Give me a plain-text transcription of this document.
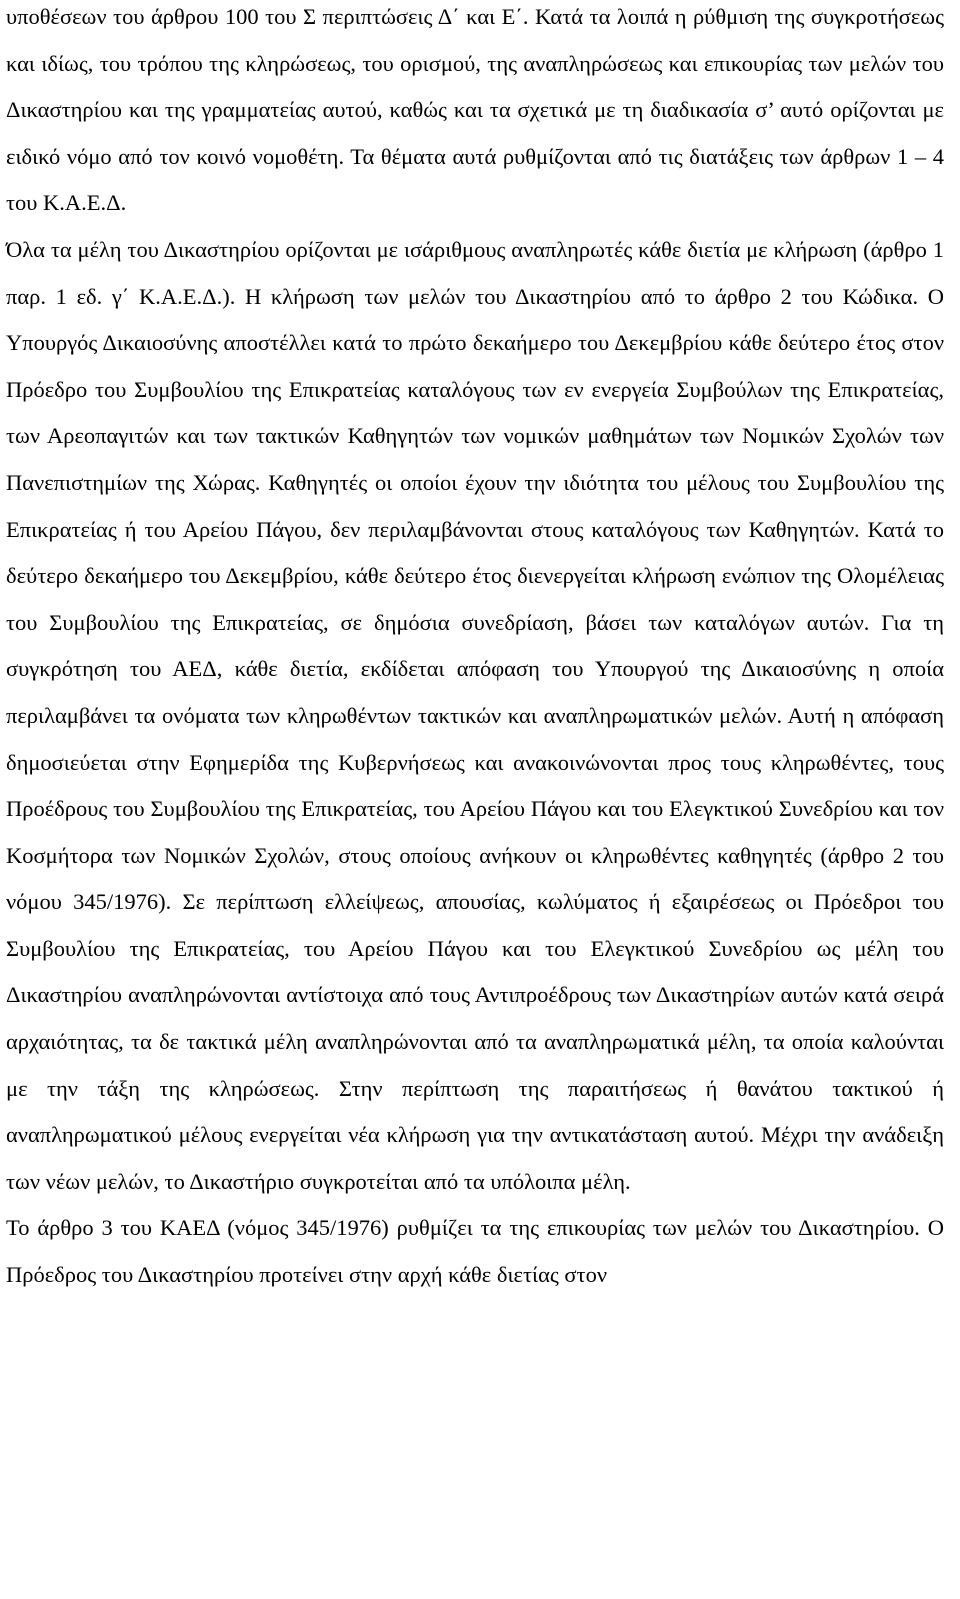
υποθέσεων του άρθρου 100 του Σ περιπτώσεις Δ΄ και Ε΄. Κατά τα λοιπά η ρύθμιση της συγκροτήσεως και ιδίως, του τρόπου της κληρώσεως, του ορισμού, της αναπληρώσεως και επικουρίας των μελών του Δικαστηρίου και της γραμματείας αυτού, καθώς και τα σχετικά με τη διαδικασία σ’ αυτό ορίζονται με ειδικό νόμο από τον κοινό νομοθέτη. Τα θέματα αυτά ρυθμίζονται από τις διατάξεις των άρθρων 1 – 4 του Κ.Α.Ε.Δ.

Όλα τα μέλη του Δικαστηρίου ορίζονται με ισάριθμους αναπληρωτές κάθε διετία με κλήρωση (άρθρο 1 παρ. 1 εδ. γ΄ Κ.Α.Ε.Δ.). Η κλήρωση των μελών του Δικαστηρίου από το άρθρο 2 του Κώδικα. Ο Υπουργός Δικαιοσύνης αποστέλλει κατά το πρώτο δεκαήμερο του Δεκεμβρίου κάθε δεύτερο έτος στον Πρόεδρο του Συμβουλίου της Επικρατείας καταλόγους των εν ενεργεία Συμβούλων της Επικρατείας, των Αρεοπαγιτών και των τακτικών Καθηγητών των νομικών μαθημάτων των Νομικών Σχολών των Πανεπιστημίων της Χώρας. Καθηγητές οι οποίοι έχουν την ιδιότητα του μέλους του Συμβουλίου της Επικρατείας ή του Αρείου Πάγου, δεν περιλαμβάνονται στους καταλόγους των Καθηγητών. Κατά το δεύτερο δεκαήμερο του Δεκεμβρίου, κάθε δεύτερο έτος διενεργείται κλήρωση ενώπιον της Ολομέλειας του Συμβουλίου της Επικρατείας, σε δημόσια συνεδρίαση, βάσει των καταλόγων αυτών. Για τη συγκρότηση του ΑΕΔ, κάθε διετία, εκδίδεται απόφαση του Υπουργού της Δικαιοσύνης η οποία περιλαμβάνει τα ονόματα των κληρωθέντων τακτικών και αναπληρωματικών μελών. Αυτή η απόφαση δημοσιεύεται στην Εφημερίδα της Κυβερνήσεως και ανακοινώνονται προς τους κληρωθέντες, τους Προέδρους του Συμβουλίου της Επικρατείας, του Αρείου Πάγου και του Ελεγκτικού Συνεδρίου και τον Κοσμήτορα των Νομικών Σχολών, στους οποίους ανήκουν οι κληρωθέντες καθηγητές (άρθρο 2 του νόμου 345/1976). Σε περίπτωση ελλείψεως, απουσίας, κωλύματος ή εξαιρέσεως οι Πρόεδροι του Συμβουλίου της Επικρατείας, του Αρείου Πάγου και του Ελεγκτικού Συνεδρίου ως μέλη του Δικαστηρίου αναπληρώνονται αντίστοιχα από τους Αντιπροέδρους των Δικαστηρίων αυτών κατά σειρά αρχαιότητας, τα δε τακτικά μέλη αναπληρώνονται από τα αναπληρωματικά μέλη, τα οποία καλούνται με την τάξη της κληρώσεως. Στην περίπτωση της παραιτήσεως ή θανάτου τακτικού ή αναπληρωματικού μέλους ενεργείται νέα κλήρωση για την αντικατάσταση αυτού. Μέχρι την ανάδειξη των νέων μελών, το Δικαστήριο συγκροτείται από τα υπόλοιπα μέλη.

Το άρθρο 3 του ΚΑΕΔ (νόμος 345/1976) ρυθμίζει τα της επικουρίας των μελών του Δικαστηρίου. Ο Πρόεδρος του Δικαστηρίου προτείνει στην αρχή κάθε διετίας στον
